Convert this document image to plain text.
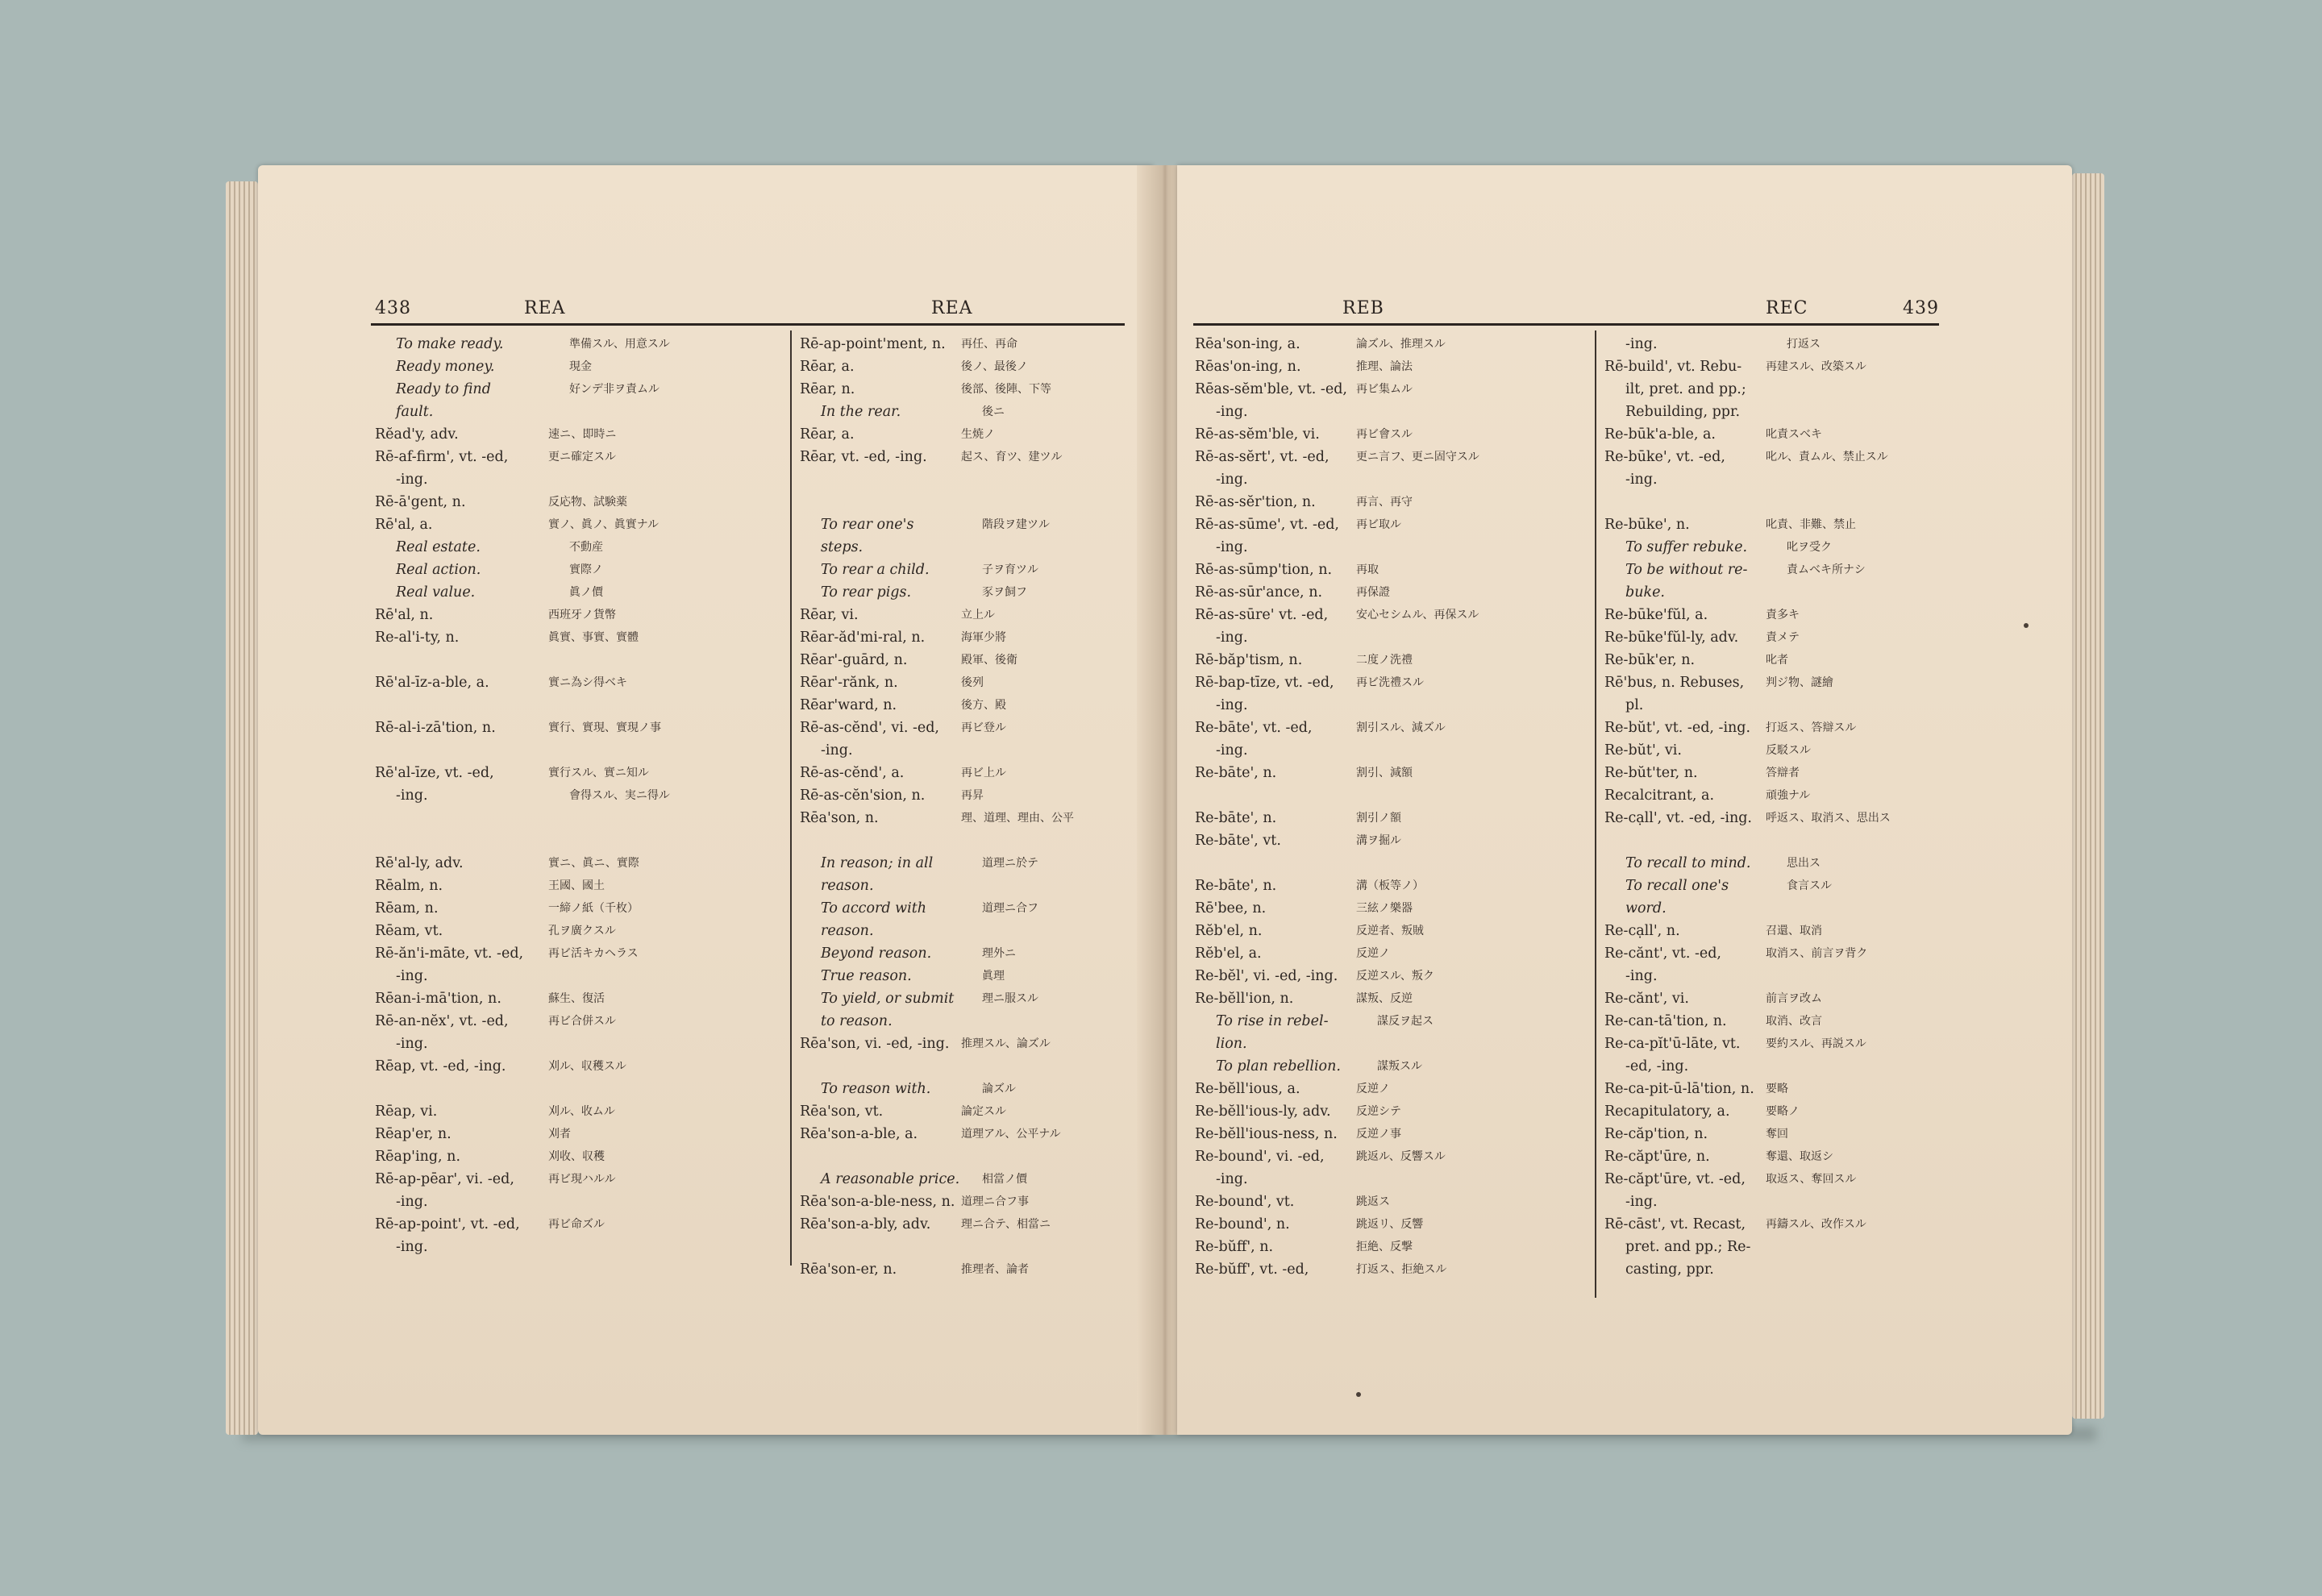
438	REA	REA
To make ready.	準備スル、用意スル
Ready money.	現金
Ready to find	好ンデ非ヲ責ムル
fault.
Rĕad'y, adv.	速ニ、即時ニ
Rē-af-firm', vt. -ed,	更ニ確定スル
-ing.
Rē-ā'gent, n.	反応物、試験薬
Rē'al, a.	實ノ、眞ノ、眞實ナル
Real estate.	不動産
Real action.	實際ノ
Real value.	眞ノ價
Rē'al, n.	西班牙ノ貨幣
Re-al'i-ty, n.	眞實、事實、實體
Rē'al-īz-a-ble, a.	實ニ為シ得ベキ
Rē-al-i-zā'tion, n.	實行、實現、實現ノ事
Rē'al-īze, vt. -ed,	實行スル、實ニ知ル
-ing.	會得スル、実ニ得ル
Rē'al-ly, adv.	實ニ、眞ニ、實際
Rēalm, n.	王國、國土
Rēam, n.	一締ノ紙（千枚）
Rēam, vt.	孔ヲ廣クスル
Rē-ăn'i-māte, vt. -ed,	再ビ活キカヘラス
-ing.
Rēan-i-mā'tion, n.	蘇生、復活
Rē-an-nĕx', vt. -ed,	再ビ合併スル
-ing.
Rēap, vt. -ed, -ing.	刈ル、収穫スル
Rēap, vi.	刈ル、收ムル
Rēap'er, n.	刈者
Rēap'ing, n.	刈收、収穫
Rē-ap-pēar', vi. -ed,	再ビ現ハルル
-ing.
Rē-ap-point', vt. -ed,	再ビ命ズル
-ing.
Rē-ap-point'ment, n.	再任、再命
Rēar, a.	後ノ、最後ノ
Rēar, n.	後部、後陣、下等
In the rear.	後ニ
Rēar, a.	生焼ノ
Rēar, vt. -ed, -ing.	起ス、育ツ、建ツル
To rear one's	階段ヲ建ツル
steps.
To rear a child.	子ヲ育ツル
To rear pigs.	豕ヲ飼フ
Rēar, vi.	立上ル
Rēar-ăd'mi-ral, n.	海軍少將
Rēar'-guārd, n.	殿軍、後衛
Rēar'-rănk, n.	後列
Rēar'ward, n.	後方、殿
Rē-as-cĕnd', vi. -ed,	再ビ登ル
-ing.
Rē-as-cĕnd', a.	再ビ上ル
Rē-as-cĕn'sion, n.	再昇
Rēa'son, n.	理、道理、理由、公平
In reason; in all	道理ニ於テ
reason.
To accord with	道理ニ合フ
reason.
Beyond reason.	理外ニ
True reason.	眞理
To yield, or submit	理ニ服スル
to reason.
Rēa'son, vi. -ed, -ing.	推理スル、論ズル
To reason with.	論ズル
Rēa'son, vt.	論定スル
Rēa'son-a-ble, a.	道理アル、公平ナル
A reasonable price.	相當ノ價
Rēa'son-a-ble-ness, n. 道理ニ合フ事
Rēa'son-a-bly, adv.	理ニ合テ、相當ニ
Rēa'son-er, n.	推理者、論者
REB	REC	439
Rēa'son-ing, a.	論ズル、推理スル
Rēas'on-ing, n.	推理、論法
Rēas-sĕm'ble, vt. -ed, 再ビ集ムル
-ing.
Rē-as-sĕm'ble, vi.	再ビ會スル
Rē-as-sĕrt', vt. -ed,	更ニ言フ、更ニ固守スル
-ing.
Rē-as-sĕr'tion, n.	再言、再守
Rē-as-sūme', vt. -ed,	再ビ取ル
-ing.
Rē-as-sūmp'tion, n.	再取
Rē-as-sūr'ance, n.	再保證
Rē-as-sūre' vt. -ed,	安心セシムル、再保スル
-ing.
Rē-băp'tism, n.	二度ノ洗禮
Rē-bap-tīze, vt. -ed,	再ビ洗禮スル
-ing.
Re-bāte', vt. -ed,	割引スル、減ズル
-ing.
Re-bāte', n.	割引、減額
Re-bāte', n.	割引ノ額
Re-bāte', vt.	溝ヲ掘ル
Re-bāte', n.	溝（板等ノ）
Rē'bee, n.	三絃ノ樂器
Rĕb'el, n.	反逆者、叛賊
Rĕb'el, a.	反逆ノ
Re-bĕl', vi. -ed, -ing.	反逆スル、叛ク
Re-bĕll'ion, n.	謀叛、反逆
To rise in rebel-	謀反ヲ起ス
lion.
To plan rebellion.	謀叛スル
Re-bĕll'ious, a.	反逆ノ
Re-bĕll'ious-ly, adv.	反逆シテ
Re-bĕll'ious-ness, n.	反逆ノ事
Re-bound', vi. -ed,	跳返ル、反響スル
-ing.
Re-bound', vt.	跳返ス
Re-bound', n.	跳返リ、反響
Re-bŭff', n.	拒絶、反撃
Re-bŭff', vt. -ed,	打返ス、拒絶スル
-ing.	打返ス
Rē-build', vt. Rebu-	再建スル、改築スル
ilt, pret. and pp.;
Rebuilding, ppr.
Re-būk'a-ble, a.	叱責スベキ
Re-būke', vt. -ed,	叱ル、責ムル、禁止スル
-ing.
Re-būke', n.	叱責、非難、禁止
To suffer rebuke.	叱ヲ受ク
To be without re-	責ムベキ所ナシ
buke.
Re-būke'fŭl, a.	責多キ
Re-būke'fŭl-ly, adv.	責メテ
Re-būk'er, n.	叱者
Rē'bus, n. Rebuses,	判ジ物、謎繪
pl.
Re-bŭt', vt. -ed, -ing.	打返ス、答辯スル
Re-bŭt', vi.	反駁スル
Re-bŭt'ter, n.	答辯者
Recalcitrant, a.	頑強ナル
Re-cạll', vt. -ed, -ing.	呼返ス、取消ス、思出ス
To recall to mind.	思出ス
To recall one's	食言スル
word.
Re-cạll', n.	召還、取消
Re-cănt', vt. -ed,	取消ス、前言ヲ背ク
-ing.
Re-cănt', vi.	前言ヲ改ム
Re-can-tā'tion, n.	取消、改言
Re-ca-pĭt'ū-lāte, vt.	要約スル、再説スル
-ed, -ing.
Re-ca-pit-ū-lā'tion, n.	要略
Recapitulatory, a.	要略ノ
Re-căp'tion, n.	奪回
Re-căpt'ūre, n.	奪還、取返シ
Re-căpt'ūre, vt. -ed,	取返ス、奪回スル
-ing.
Rē-cāst', vt. Recast,	再鑄スル、改作スル
pret. and pp.; Re-
casting, ppr.
